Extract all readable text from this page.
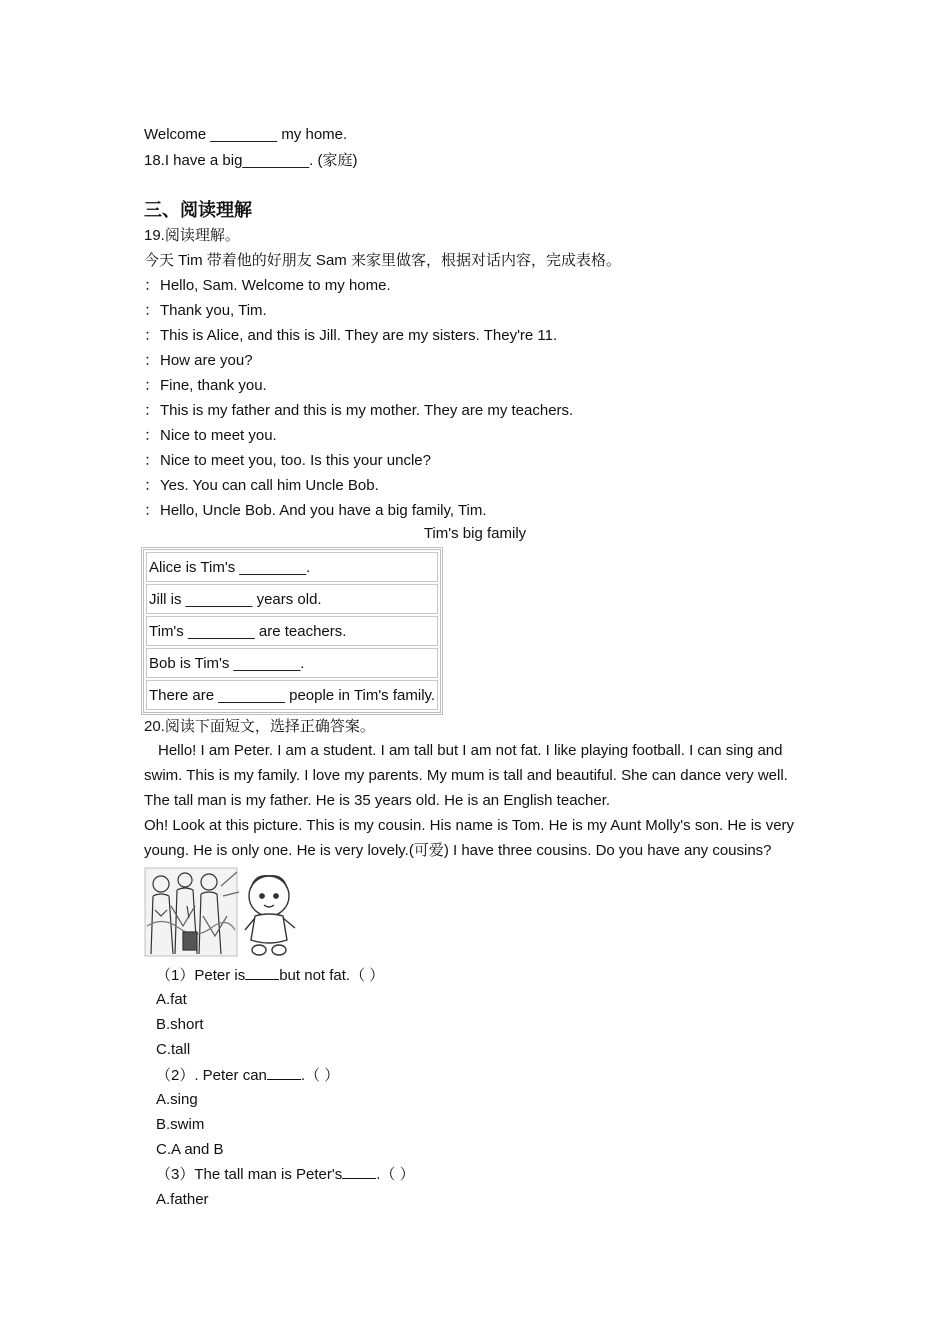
Welcome ________ my home.
18.I have a big________. (家庭)
三、阅读理解
19.阅读理解。
今天 Tim 带着他的好朋友 Sam 来家里做客，根据对话内容，完成表格。
：Hello, Sam. Welcome to my home.
：Thank you, Tim.
：This is Alice, and this is Jill. They are my sisters. They're 11.
：How are you?
：Fine, thank you.
：This is my father and this is my mother. They are my teachers.
：Nice to meet you.
：Nice to meet you, too. Is this your uncle?
：Yes. You can call him Uncle Bob.
：Hello, Uncle Bob. And you have a big family, Tim.
Tim's big family
Alice is Tim's ________.
Jill is ________ years old.
Tim's ________ are teachers.
Bob is Tim's ________.
There are ________ people in Tim's family.
20.阅读下面短文，选择正确答案。
Hello! I am Peter. I am a student. I am tall but I am not fat. I like playing football. I can sing and swim. This is my family. I love my parents. My mum is tall and beautiful. She can dance very well. The tall man is my father. He is 35 years old. He is an English teacher.
Oh! Look at this picture. This is my cousin. His name is Tom. He is my Aunt Molly's son. He is very young. He is only one. He is very lovely.(可爱) I have three cousins. Do you have any cousins?
（1）Peter is but not fat.（ ）
A.fat
B.short
C.tall
（2）. Peter can .（ ）
A.sing
B.swim
C.A and B
（3）The tall man is Peter's .（ ）
A.father
